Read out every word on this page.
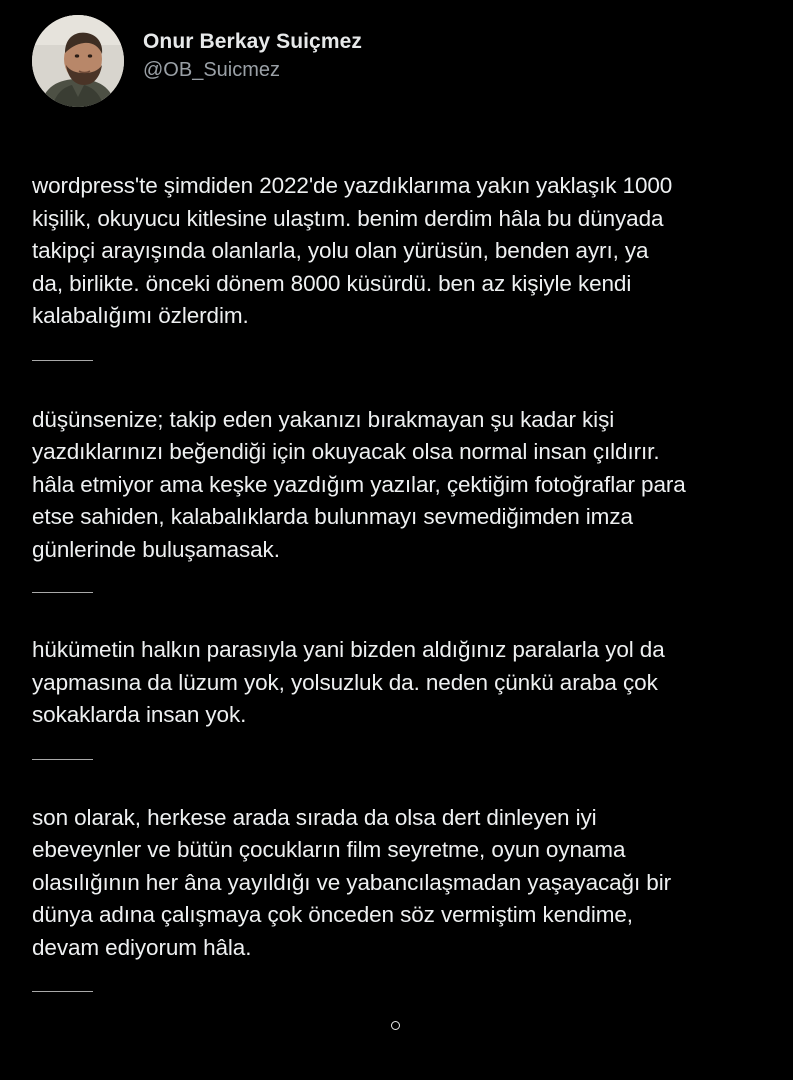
Onur Berkay Suiçmez
@OB_Suicmez
wordpress'te şimdiden 2022'de yazdıklarıma yakın yaklaşık 1000
kişilik, okuyucu kitlesine ulaştım. benim derdim hâla bu dünyada
takipçi arayışında olanlarla, yolu olan yürüsün, benden ayrı, ya
da, birlikte. önceki dönem 8000 küsürdü. ben az kişiyle kendi
kalabalığımı özlerdim.
düşünsenize; takip eden yakanızı bırakmayan şu kadar kişi
yazdıklarınızı beğendiği için okuyacak olsa normal insan çıldırır.
hâla etmiyor ama keşke yazdığım yazılar, çektiğim fotoğraflar para
etse sahiden, kalabalıklarda bulunmayı sevmediğimden imza
günlerinde buluşamasak.
hükümetin halkın parasıyla yani bizden aldığınız paralarla yol da
yapmasına da lüzum yok, yolsuzluk da. neden çünkü araba çok
sokaklarda insan yok.
son olarak, herkese arada sırada da olsa dert dinleyen iyi
ebeveynler ve bütün çocukların film seyretme, oyun oynama
olasılığının her âna yayıldığı ve yabancılaşmadan yaşayacağı bir
dünya adına çalışmaya çok önceden söz vermiştim kendime,
devam ediyorum hâla.
